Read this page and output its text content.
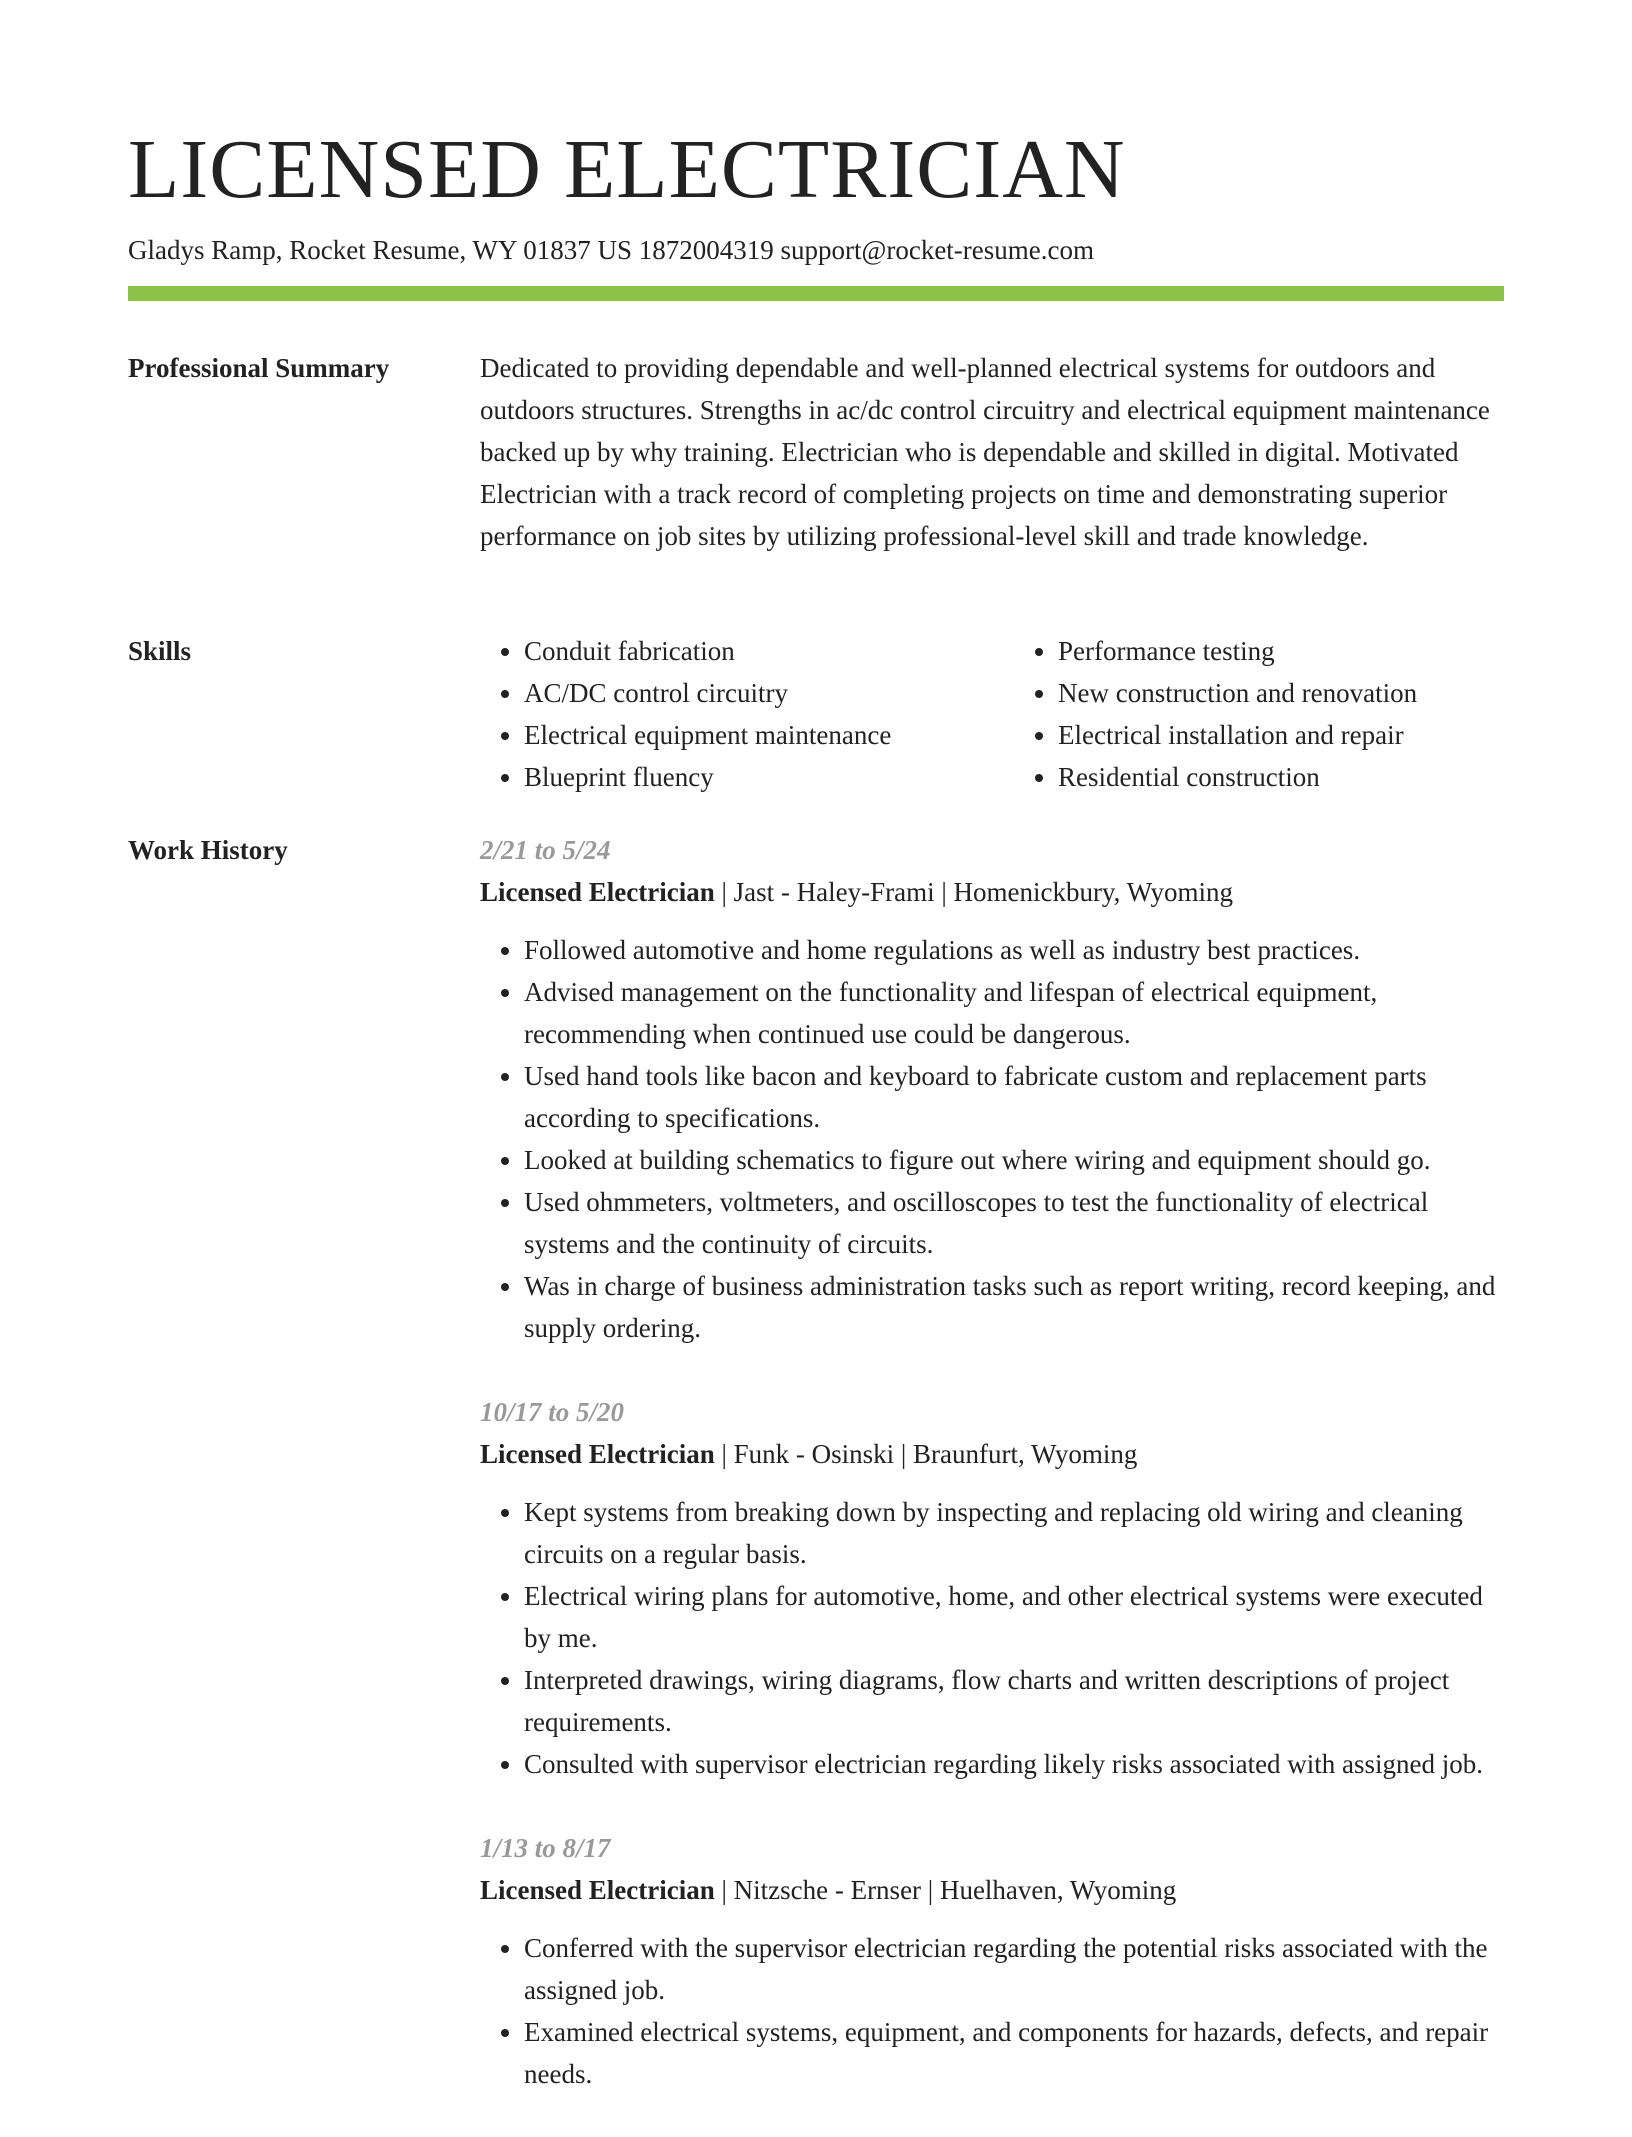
LICENSED ELECTRICIAN
Gladys Ramp, Rocket Resume, WY 01837 US 1872004319 support@rocket-resume.com
Professional Summary	Dedicated to providing dependable and well-planned electrical systems for outdoors and outdoors structures. Strengths in ac/dc control circuitry and electrical equipment maintenance backed up by why training. Electrician who is dependable and skilled in digital. Motivated Electrician with a track record of completing projects on time and demonstrating superior performance on job sites by utilizing professional-level skill and trade knowledge.

Skills
•	Conduit fabrication
• AC/DC control circuitry
• Electrical equipment maintenance
• Blueprint fluency
• Performance testing
• New construction and renovation
• Electrical installation and repair
• Residential construction
Work History	2/21 to 5/24
Licensed Electrician | Jast - Haley-Frami | Homenickbury, Wyoming
• Followed automotive and home regulations as well as industry best practices.
• Advised management on the functionality and lifespan of electrical equipment, recommending when continued use could be dangerous.
• Used hand tools like bacon and keyboard to fabricate custom and replacement parts according to specifications.
• Looked at building schematics to figure out where wiring and equipment should go.
• Used ohmmeters, voltmeters, and oscilloscopes to test the functionality of electrical systems and the continuity of circuits.
• Was in charge of business administration tasks such as report writing, record keeping, and supply ordering.
10/17 to 5/20
Licensed Electrician | Funk - Osinski | Braunfurt, Wyoming
• Kept systems from breaking down by inspecting and replacing old wiring and cleaning circuits on a regular basis.
• Electrical wiring plans for automotive, home, and other electrical systems were executed by me.
• Interpreted drawings, wiring diagrams, flow charts and written descriptions of project requirements.
• Consulted with supervisor electrician regarding likely risks associated with assigned job.
1/13 to 8/17
Licensed Electrician | Nitzsche - Ernser | Huelhaven, Wyoming
• Conferred with the supervisor electrician regarding the potential risks associated with the assigned job.
• Examined electrical systems, equipment, and components for hazards, defects, and repair needs.
